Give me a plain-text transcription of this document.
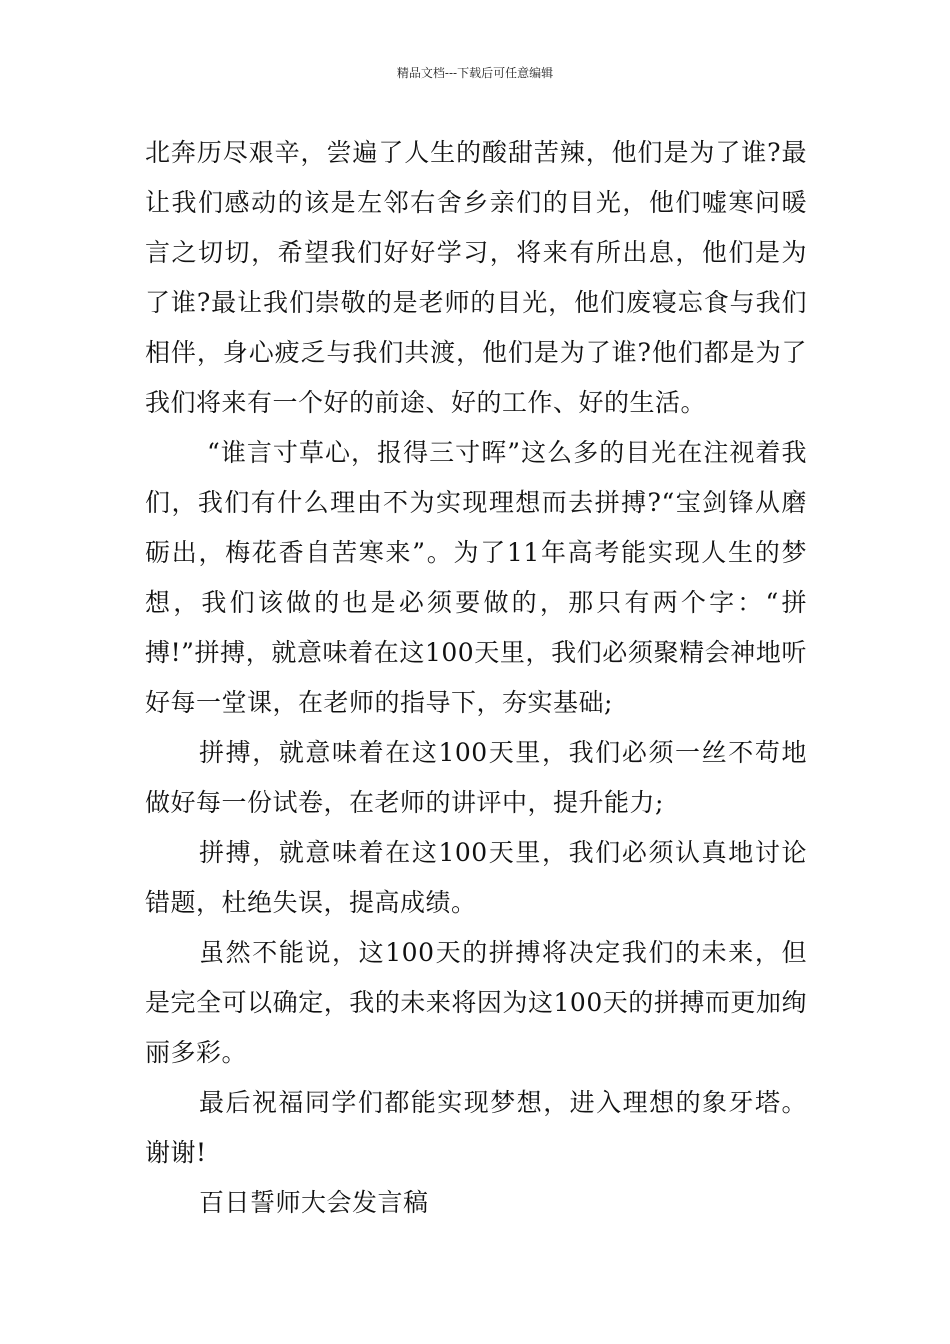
精品文档---下载后可任意编辑

北奔历尽艰辛，尝遍了人生的酸甜苦辣，他们是为了谁?最让我们感动的该是左邻右舍乡亲们的目光，他们嘘寒问暖言之切切，希望我们好好学习，将来有所出息，他们是为了谁?最让我们崇敬的是老师的目光，他们废寝忘食与我们相伴，身心疲乏与我们共渡，他们是为了谁?他们都是为了我们将来有一个好的前途、好的工作、好的生活。

“谁言寸草心，报得三寸晖”这么多的目光在注视着我们，我们有什么理由不为实现理想而去拼搏?“宝剑锋从磨砺出，梅花香自苦寒来”。为了11年高考能实现人生的梦想，我们该做的也是必须要做的，那只有两个字：“拼搏!”拼搏，就意味着在这100天里，我们必须聚精会神地听好每一堂课，在老师的指导下，夯实基础;

拼搏，就意味着在这100天里，我们必须一丝不苟地做好每一份试卷，在老师的讲评中，提升能力;

拼搏，就意味着在这100天里，我们必须认真地讨论错题，杜绝失误，提高成绩。

虽然不能说，这100天的拼搏将决定我们的未来，但是完全可以确定，我的未来将因为这100天的拼搏而更加绚丽多彩。

最后祝福同学们都能实现梦想，进入理想的象牙塔。谢谢!

百日誓师大会发言稿
